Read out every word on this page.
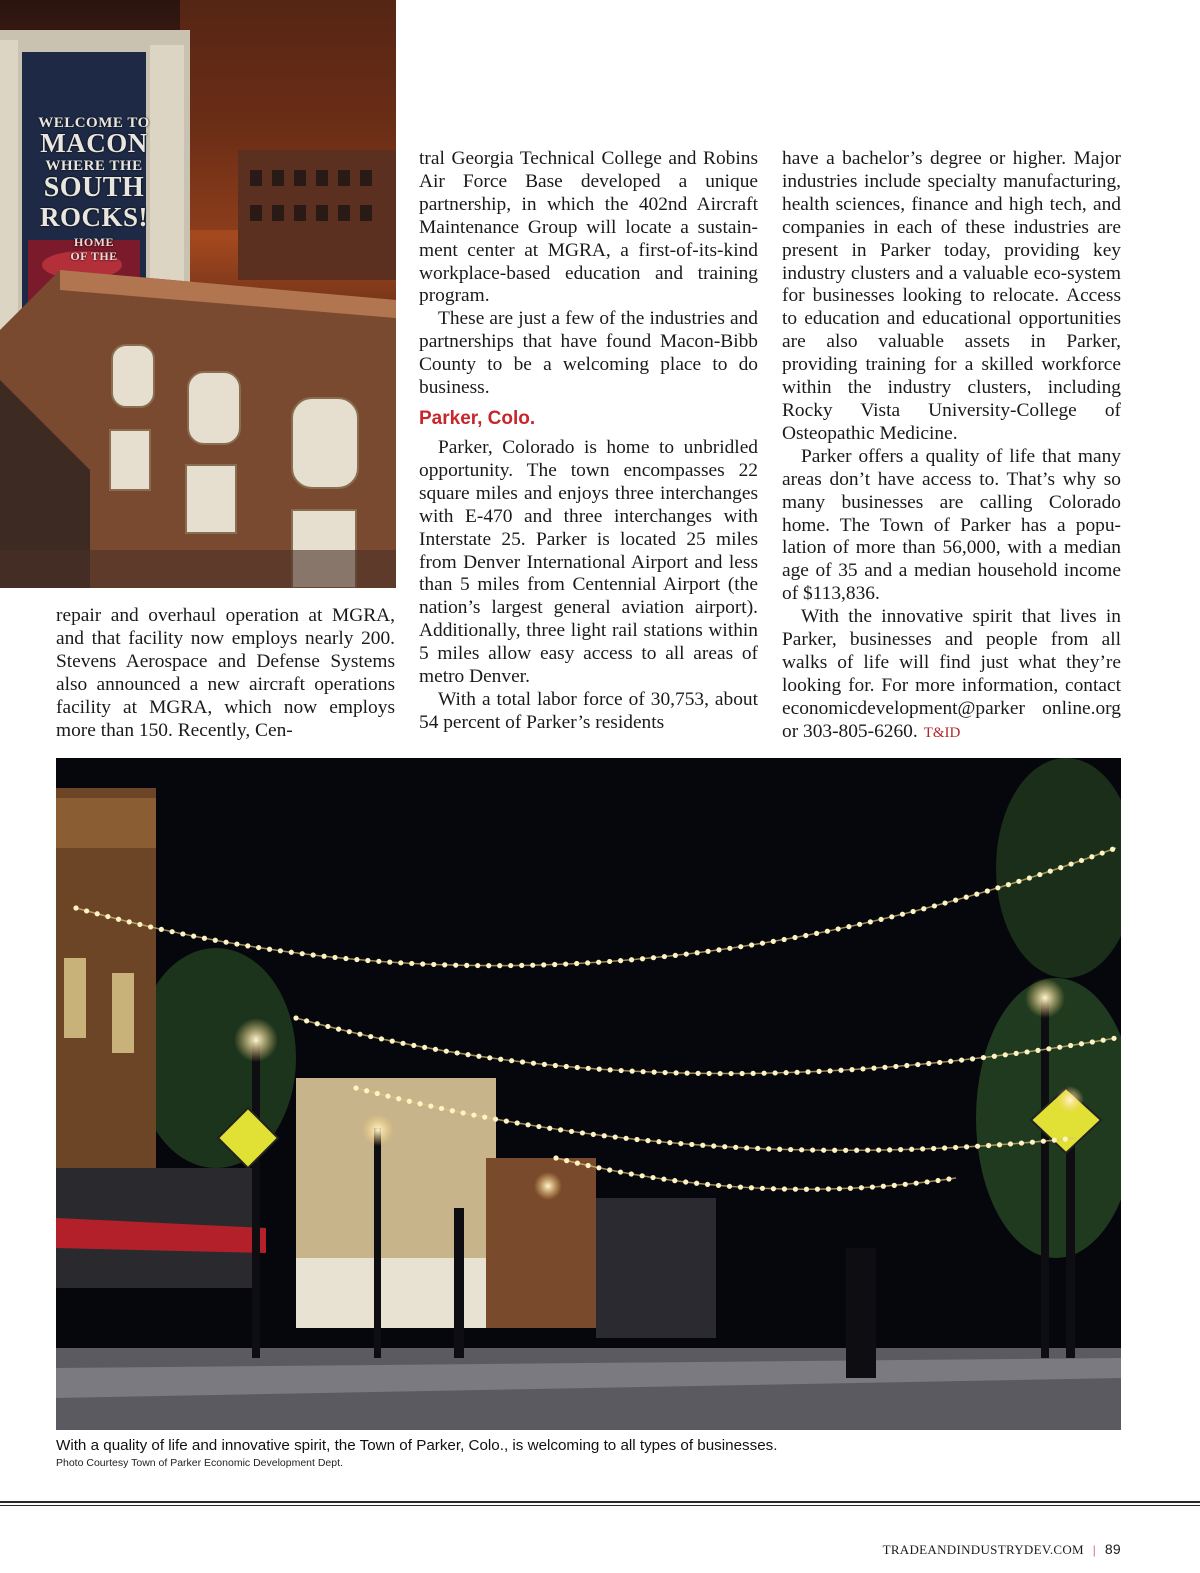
WELCOME TO
MACON
WHERE THE
SOUTH
ROCKS!
HOME
OF THE

repair and overhaul operation at MGRA, and that facility now employs nearly 200. Stevens Aerospace and Defense Systems also announced a new aircraft operations facility at MGRA, which now employs more than 150. Recently, Cen-

tral Georgia Technical College and Robins Air Force Base developed a unique partnership, in which the 402nd Aircraft Maintenance Group will locate a sustainment center at MGRA, a first-of-its-kind workplace-based education and training program.

These are just a few of the industries and partnerships that have found Macon-Bibb County to be a welcoming place to do business.

Parker, Colo.

Parker, Colorado is home to unbridled opportunity. The town encompasses 22 square miles and enjoys three interchanges with E-470 and three interchanges with Interstate 25. Parker is located 25 miles from Denver International Airport and less than 5 miles from Centennial Airport (the nation’s largest general aviation airport). Additionally, three light rail stations within 5 miles allow easy access to all areas of metro Denver.

With a total labor force of 30,753, about 54 percent of Parker’s residents

have a bachelor’s degree or higher. Major industries include specialty manufacturing, health sciences, finance and high tech, and companies in each of these industries are present in Parker today, providing key industry clusters and a valuable eco-system for businesses looking to relocate. Access to education and educational opportunities are also valuable assets in Parker, providing training for a skilled workforce within the industry clusters, including Rocky Vista University-College of Osteopathic Medicine.

Parker offers a quality of life that many areas don’t have access to. That’s why so many businesses are calling Colorado home. The Town of Parker has a population of more than 56,000, with a median age of 35 and a median household income of $113,836.

With the innovative spirit that lives in Parker, businesses and people from all walks of life will find just what they’re looking for. For more information, contact economicdevelopment@parker online.org or 303-805-6260. T&ID

With a quality of life and innovative spirit, the Town of Parker, Colo., is welcoming to all types of businesses.
Photo Courtesy Town of Parker Economic Development Dept.
TRADEANDINDUSTRYDEV.COM | 89
